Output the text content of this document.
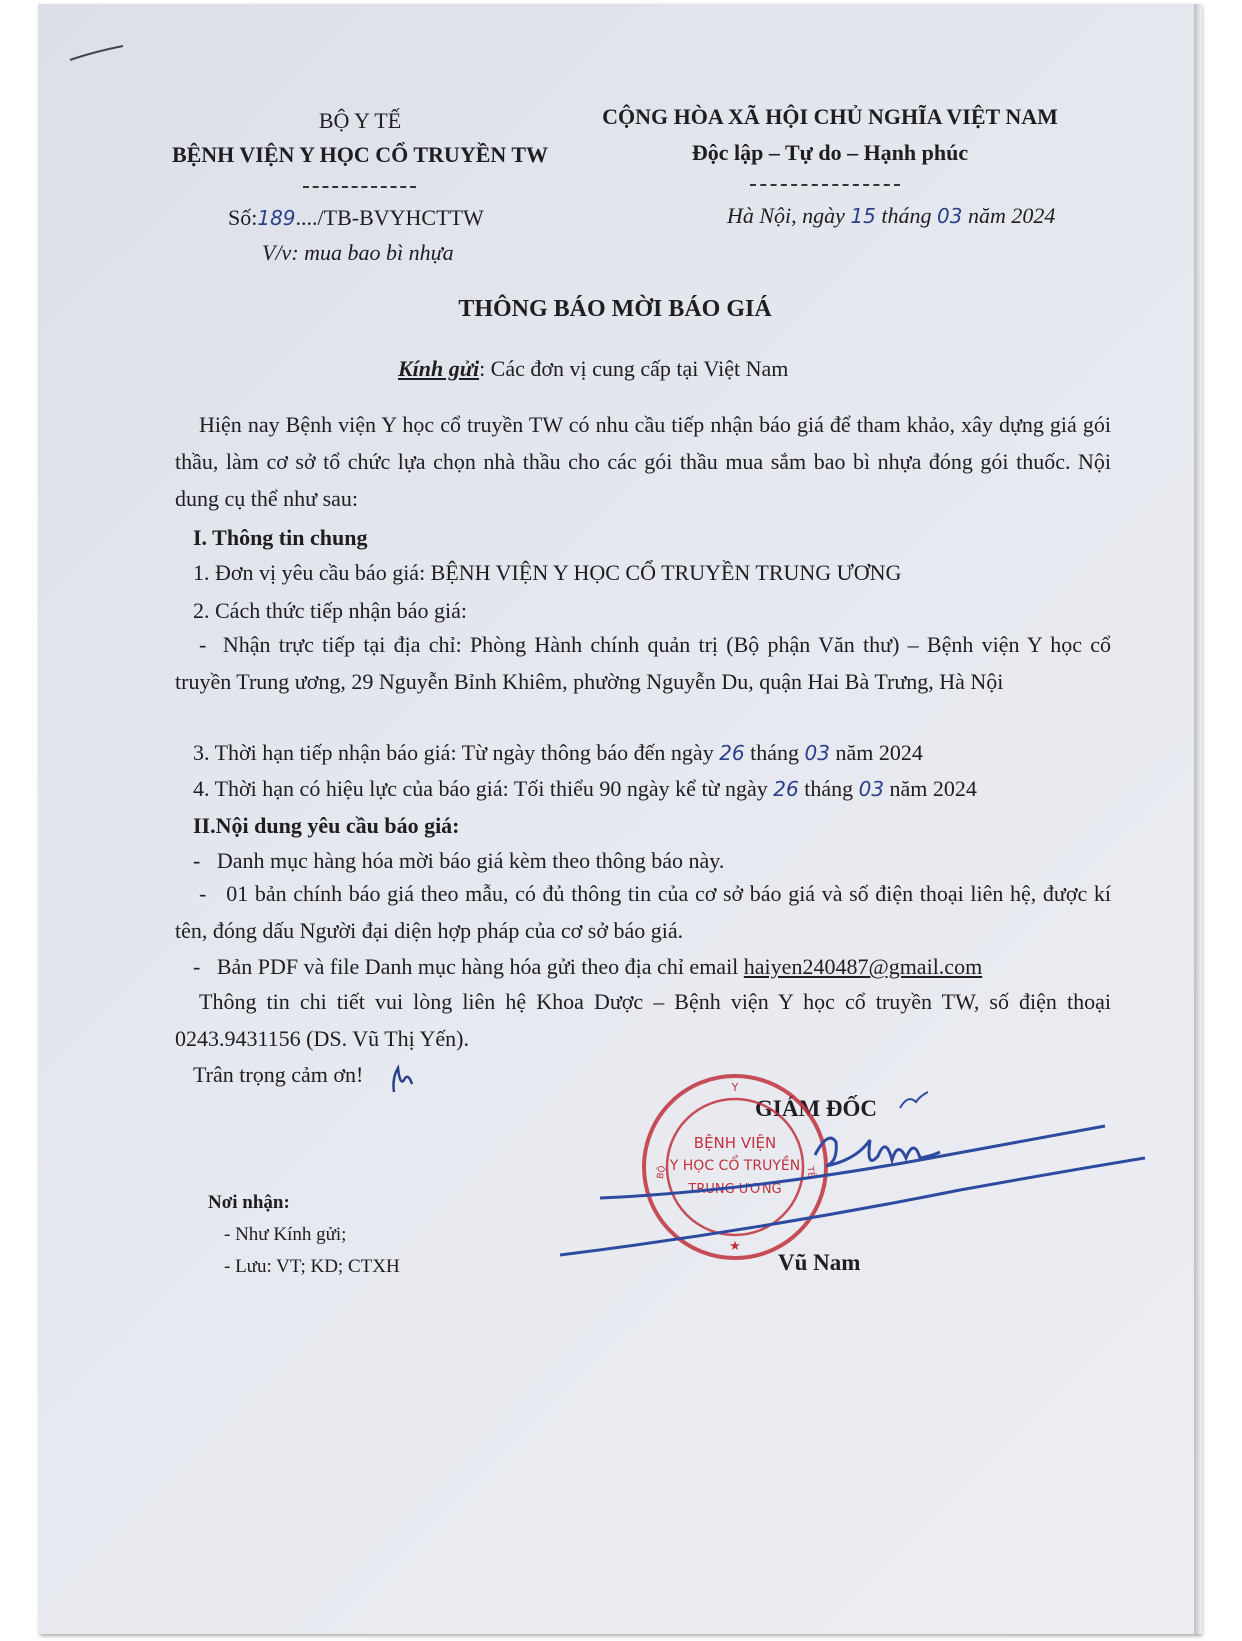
BỘ Y TẾ
BỆNH VIỆN Y HỌC CỔ TRUYỀN TW
CỘNG HÒA XÃ HỘI CHỦ NGHĨA VIỆT NAM
Độc lập – Tự do – Hạnh phúc
Số:189..../TB-BVYHCTTW
V/v: mua bao bì nhựa
Hà Nội, ngày 15 tháng 03 năm 2024
THÔNG BÁO MỜI BÁO GIÁ
Kính gửi: Các đơn vị cung cấp tại Việt Nam
Hiện nay Bệnh viện Y học cổ truyền TW có nhu cầu tiếp nhận báo giá để tham khảo, xây dựng giá gói thầu, làm cơ sở tổ chức lựa chọn nhà thầu cho các gói thầu mua sắm bao bì nhựa đóng gói thuốc. Nội dung cụ thể như sau:
I. Thông tin chung
1. Đơn vị yêu cầu báo giá: BỆNH VIỆN Y HỌC CỔ TRUYỀN TRUNG ƯƠNG
2. Cách thức tiếp nhận báo giá:
-  Nhận trực tiếp tại địa chỉ: Phòng Hành chính quản trị (Bộ phận Văn thư) – Bệnh viện Y học cổ truyền Trung ương, 29 Nguyễn Bỉnh Khiêm, phường Nguyễn Du, quận Hai Bà Trưng, Hà Nội
3. Thời hạn tiếp nhận báo giá: Từ ngày thông báo đến ngày 26 tháng 03 năm 2024
4. Thời hạn có hiệu lực của báo giá: Tối thiểu 90 ngày kể từ ngày 26 tháng 03 năm 2024
II.Nội dung yêu cầu báo giá:
-   Danh mục hàng hóa mời báo giá kèm theo thông báo này.
-   01 bản chính báo giá theo mẫu, có đủ thông tin của cơ sở báo giá và số điện thoại liên hệ, được kí tên, đóng dấu Người đại diện hợp pháp của cơ sở báo giá.
-   Bản PDF và file Danh mục hàng hóa gửi theo địa chỉ email haiyen240487@gmail.com
Thông tin chi tiết vui lòng liên hệ Khoa Dược – Bệnh viện Y học cổ truyền TW, số điện thoại 0243.9431156 (DS. Vũ Thị Yến).
Trân trọng cảm ơn!
Nơi nhận:
- Như Kính gửi;
- Lưu: VT; KD; CTXH
GIÁM ĐỐC
Vũ Nam
BỆNH VIỆN
Y HỌC CỔ TRUYỀN
TRUNG ƯƠNG
Y
BỘ	TẾ
★
